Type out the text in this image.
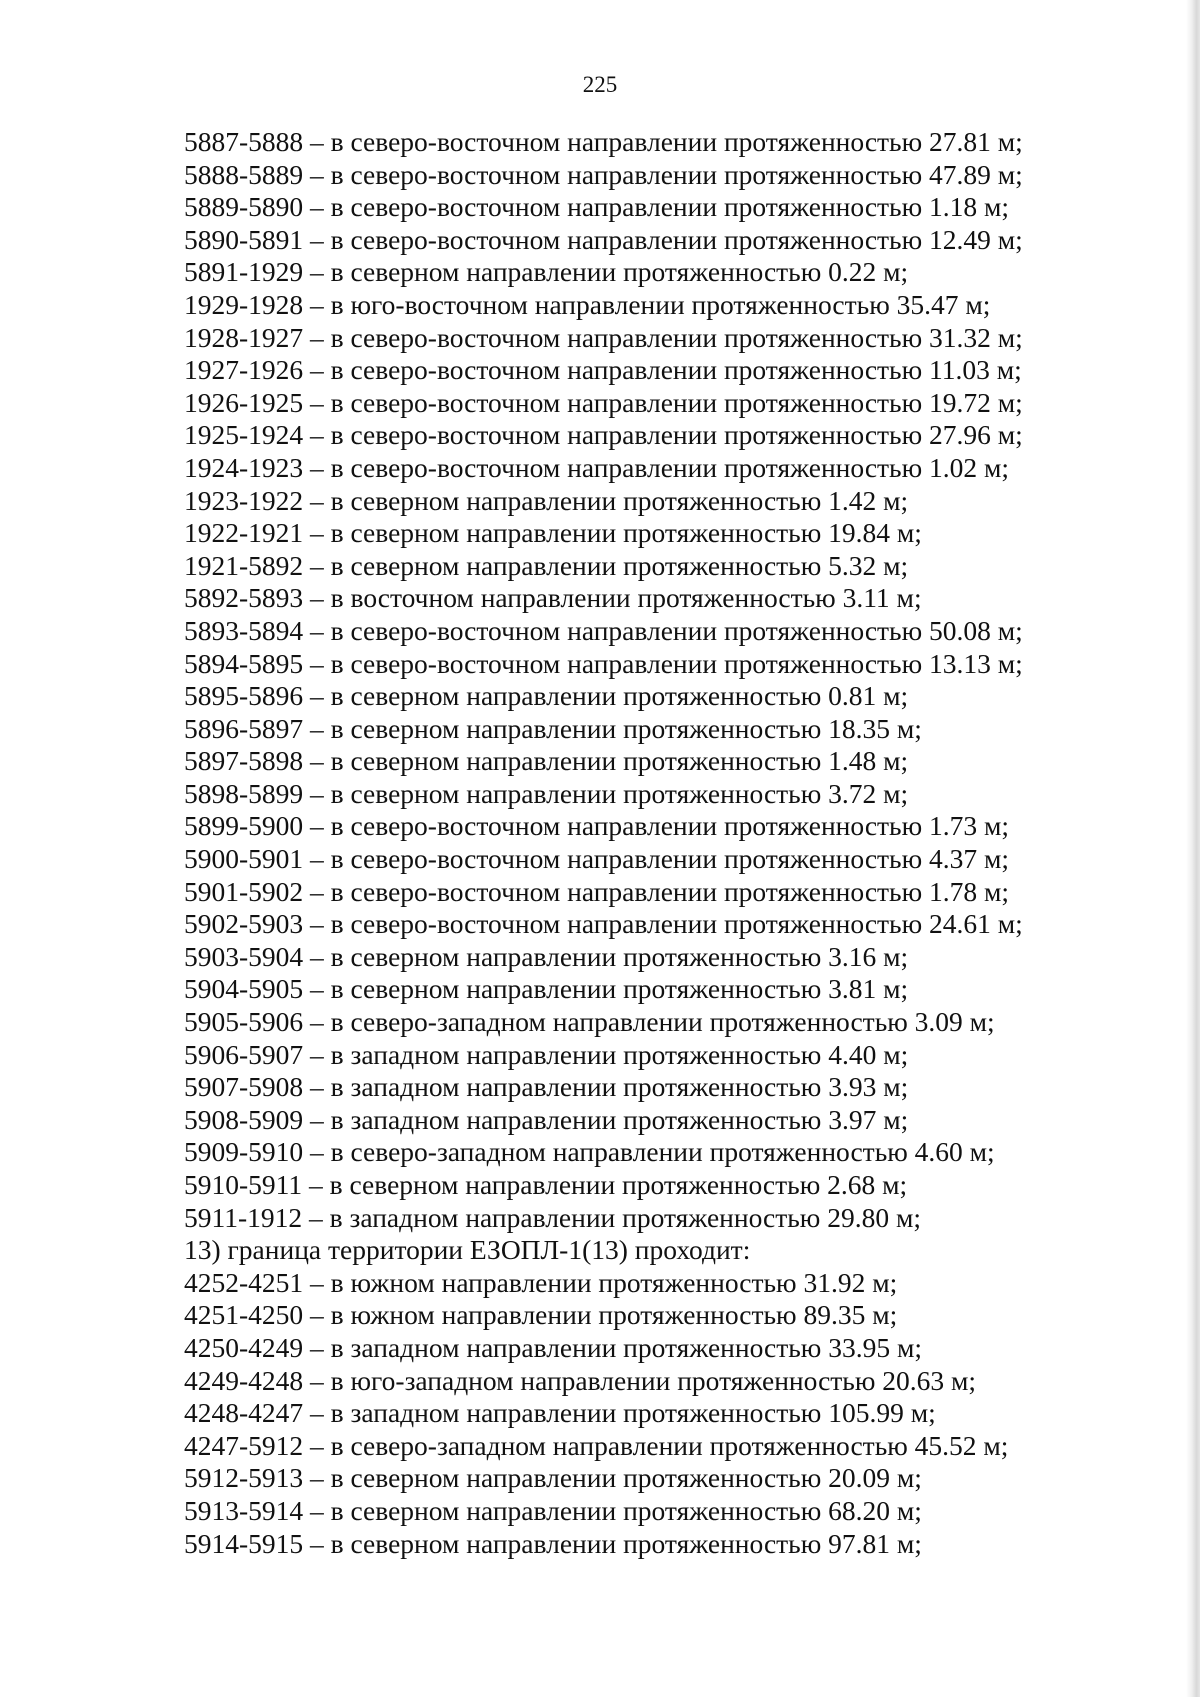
225
5887-5888 – в северо-восточном направлении протяженностью 27.81 м;
5888-5889 – в северо-восточном направлении протяженностью 47.89 м;
5889-5890 – в северо-восточном направлении протяженностью 1.18 м;
5890-5891 – в северо-восточном направлении протяженностью 12.49 м;
5891-1929 – в северном направлении протяженностью 0.22 м;
1929-1928 – в юго-восточном направлении протяженностью 35.47 м;
1928-1927 – в северо-восточном направлении протяженностью 31.32 м;
1927-1926 – в северо-восточном направлении протяженностью 11.03 м;
1926-1925 – в северо-восточном направлении протяженностью 19.72 м;
1925-1924 – в северо-восточном направлении протяженностью 27.96 м;
1924-1923 – в северо-восточном направлении протяженностью 1.02 м;
1923-1922 – в северном направлении протяженностью 1.42 м;
1922-1921 – в северном направлении протяженностью 19.84 м;
1921-5892 – в северном направлении протяженностью 5.32 м;
5892-5893 – в восточном направлении протяженностью 3.11 м;
5893-5894 – в северо-восточном направлении протяженностью 50.08 м;
5894-5895 – в северо-восточном направлении протяженностью 13.13 м;
5895-5896 – в северном направлении протяженностью 0.81 м;
5896-5897 – в северном направлении протяженностью 18.35 м;
5897-5898 – в северном направлении протяженностью 1.48 м;
5898-5899 – в северном направлении протяженностью 3.72 м;
5899-5900 – в северо-восточном направлении протяженностью 1.73 м;
5900-5901 – в северо-восточном направлении протяженностью 4.37 м;
5901-5902 – в северо-восточном направлении протяженностью 1.78 м;
5902-5903 – в северо-восточном направлении протяженностью 24.61 м;
5903-5904 – в северном направлении протяженностью 3.16 м;
5904-5905 – в северном направлении протяженностью 3.81 м;
5905-5906 – в северо-западном направлении протяженностью 3.09 м;
5906-5907 – в западном направлении протяженностью 4.40 м;
5907-5908 – в западном направлении протяженностью 3.93 м;
5908-5909 – в западном направлении протяженностью 3.97 м;
5909-5910 – в северо-западном направлении протяженностью 4.60 м;
5910-5911 – в северном направлении протяженностью 2.68 м;
5911-1912 – в западном направлении протяженностью 29.80 м;
13) граница территории ЕЗОПЛ-1(13) проходит:
4252-4251 – в южном направлении протяженностью 31.92 м;
4251-4250 – в южном направлении протяженностью 89.35 м;
4250-4249 – в западном направлении протяженностью 33.95 м;
4249-4248 – в юго-западном направлении протяженностью 20.63 м;
4248-4247 – в западном направлении протяженностью 105.99 м;
4247-5912 – в северо-западном направлении протяженностью 45.52 м;
5912-5913 – в северном направлении протяженностью 20.09 м;
5913-5914 – в северном направлении протяженностью 68.20 м;
5914-5915 – в северном направлении протяженностью 97.81 м;
